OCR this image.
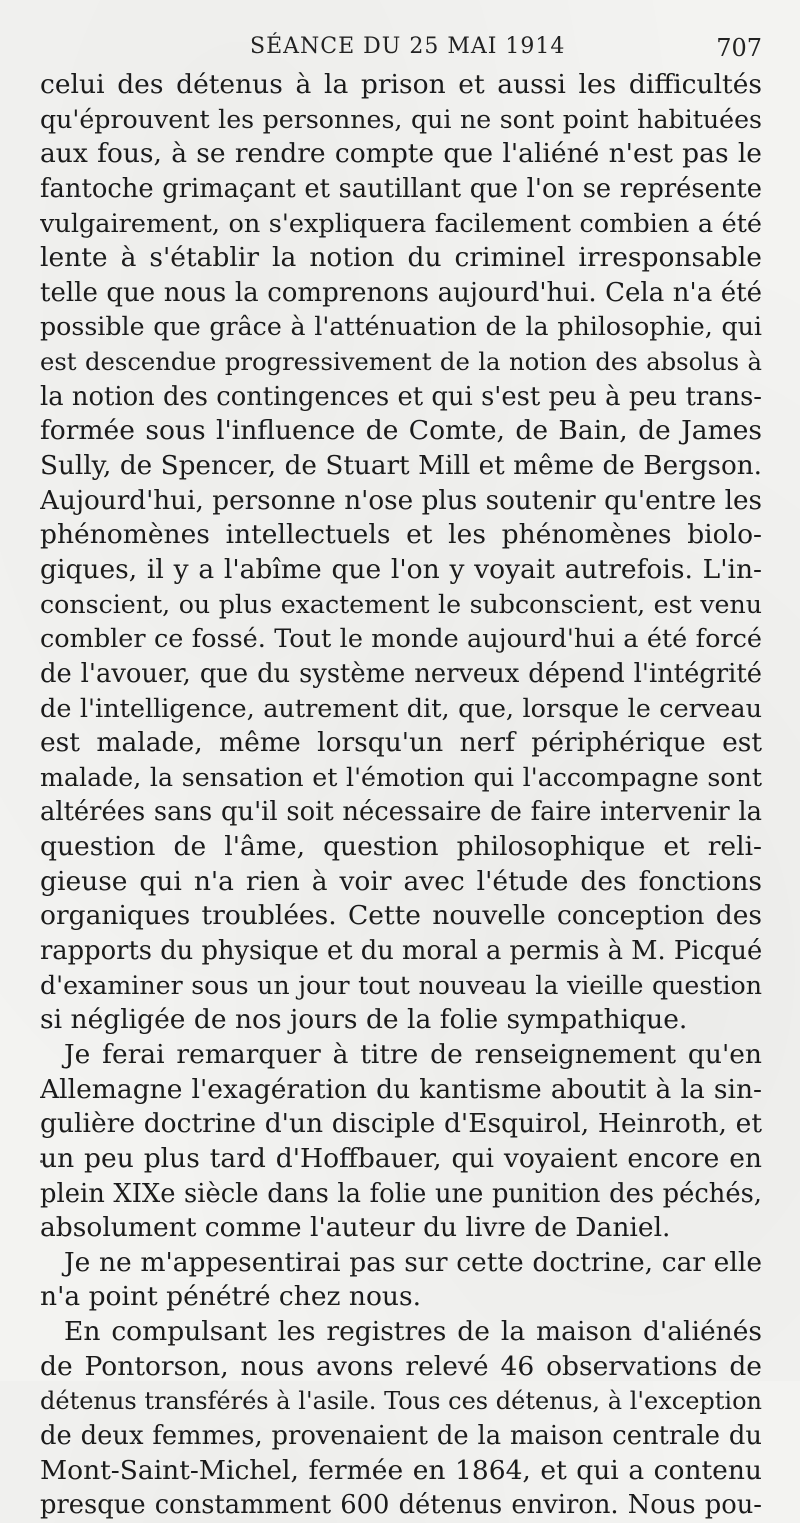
SÉANCE DU 25 MAI 1914	707
celui des détenus à la prison et aussi les difficultés
qu'éprouvent les personnes, qui ne sont point habituées
aux fous, à se rendre compte que l'aliéné n'est pas le
fantoche grimaçant et sautillant que l'on se représente
vulgairement, on s'expliquera facilement combien a été
lente à s'établir la notion du criminel irresponsable
telle que nous la comprenons aujourd'hui. Cela n'a été
possible que grâce à l'atténuation de la philosophie, qui
est descendue progressivement de la notion des absolus à
la notion des contingences et qui s'est peu à peu trans-
formée sous l'influence de Comte, de Bain, de James
Sully, de Spencer, de Stuart Mill et même de Bergson.
Aujourd'hui, personne n'ose plus soutenir qu'entre les
phénomènes intellectuels et les phénomènes biolo-
giques, il y a l'abîme que l'on y voyait autrefois. L'in-
conscient, ou plus exactement le subconscient, est venu
combler ce fossé. Tout le monde aujourd'hui a été forcé
de l'avouer, que du système nerveux dépend l'intégrité
de l'intelligence, autrement dit, que, lorsque le cerveau
est malade, même lorsqu'un nerf périphérique est
malade, la sensation et l'émotion qui l'accompagne sont
altérées sans qu'il soit nécessaire de faire intervenir la
question de l'âme, question philosophique et reli-
gieuse qui n'a rien à voir avec l'étude des fonctions
organiques troublées. Cette nouvelle conception des
rapports du physique et du moral a permis à M. Picqué
d'examiner sous un jour tout nouveau la vieille question
si négligée de nos jours de la folie sympathique.
Je ferai remarquer à titre de renseignement qu'en
Allemagne l'exagération du kantisme aboutit à la sin-
gulière doctrine d'un disciple d'Esquirol, Heinroth, et
un peu plus tard d'Hoffbauer, qui voyaient encore en
plein XIXe siècle dans la folie une punition des péchés,
absolument comme l'auteur du livre de Daniel.
Je ne m'appesentirai pas sur cette doctrine, car elle
n'a point pénétré chez nous.
En compulsant les registres de la maison d'aliénés
de Pontorson, nous avons relevé 46 observations de
détenus transférés à l'asile. Tous ces détenus, à l'exception
de deux femmes, provenaient de la maison centrale du
Mont-Saint-Michel, fermée en 1864, et qui a contenu
presque constamment 600 détenus environ. Nous pou-
